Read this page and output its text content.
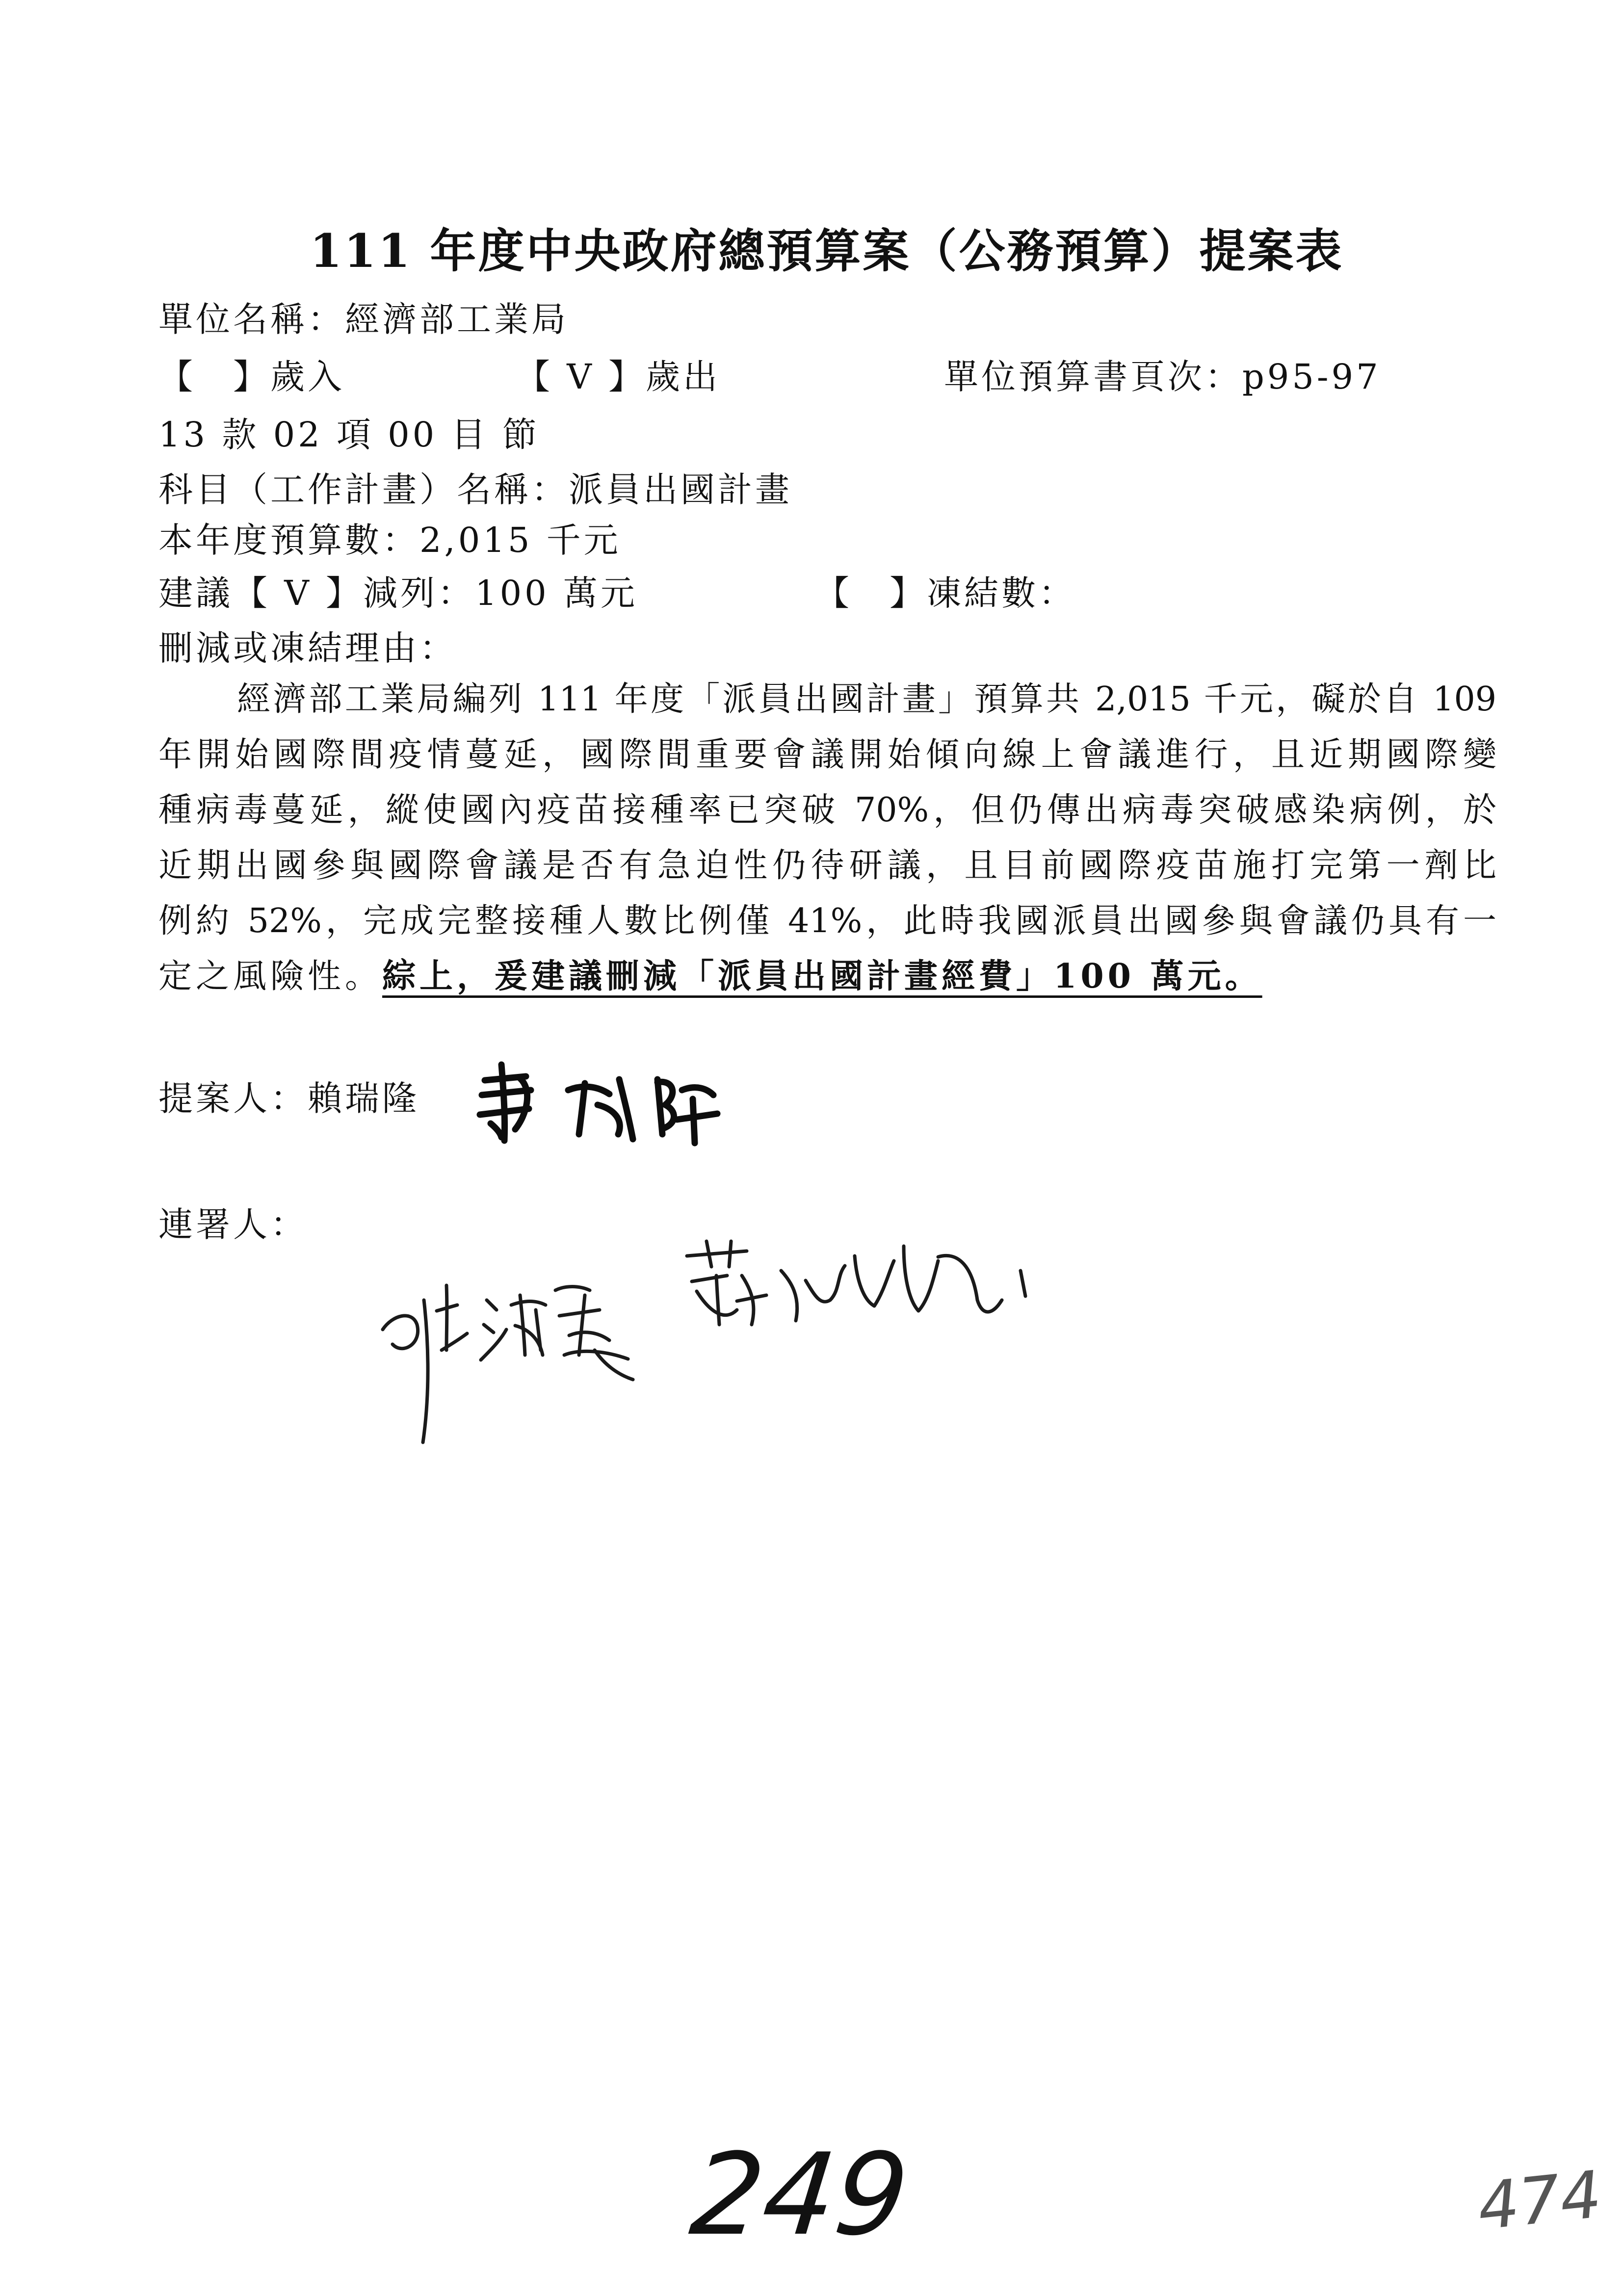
111 年度中央政府總預算案（公務預算）提案表
單位名稱：經濟部工業局
【　】歲入	【 V 】歲出	單位預算書頁次：p95-97
13 款 02 項 00 目 節
科目（工作計畫）名稱：派員出國計畫
本年度預算數：2,015 千元
建議【 V 】減列：100 萬元	【　】凍結數：
刪減或凍結理由：
經濟部工業局編列 111 年度「派員出國計畫」預算共 2,015 千元，礙於自 109
年開始國際間疫情蔓延，國際間重要會議開始傾向線上會議進行，且近期國際變
種病毒蔓延，縱使國內疫苗接種率已突破 70%，但仍傳出病毒突破感染病例，於
近期出國參與國際會議是否有急迫性仍待研議，且目前國際疫苗施打完第一劑比
例約 52%，完成完整接種人數比例僅 41%，此時我國派員出國參與會議仍具有一
定之風險性。綜上，爰建議刪減「派員出國計畫經費」100 萬元。
提案人：賴瑞隆
連署人：
249	474
